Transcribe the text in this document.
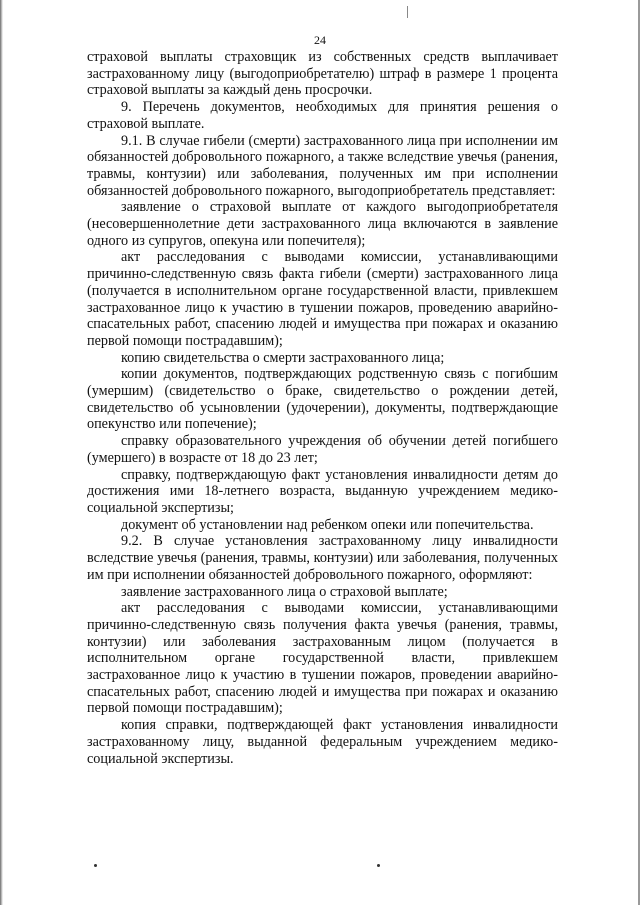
24

страховой выплаты страховщик из собственных средств выплачивает застрахованному лицу (выгодоприобретателю) штраф в размере 1 процента страховой выплаты за каждый день просрочки.

9. Перечень документов, необходимых для принятия решения о страховой выплате.

9.1. В случае гибели (смерти) застрахованного лица при исполнении им обязанностей добровольного пожарного, а также вследствие увечья (ранения, травмы, контузии) или заболевания, полученных им при исполнении обязанностей добровольного пожарного, выгодоприобретатель представляет:

заявление о страховой выплате от каждого выгодоприобретателя (несовершеннолетние дети застрахованного лица включаются в заявление одного из супругов, опекуна или попечителя);

акт расследования с выводами комиссии, устанавливающими причинно-следственную связь факта гибели (смерти) застрахованного лица (получается в исполнительном органе государственной власти, привлекшем застрахованное лицо к участию в тушении пожаров, проведению аварийно-спасательных работ, спасению людей и имущества при пожарах и оказанию первой помощи пострадавшим);

копию свидетельства о смерти застрахованного лица;

копии документов, подтверждающих родственную связь с погибшим (умершим) (свидетельство о браке, свидетельство о рождении детей, свидетельство об усыновлении (удочерении), документы, подтверждающие опекунство или попечение);

справку образовательного учреждения об обучении детей погибшего (умершего) в возрасте от 18 до 23 лет;

справку, подтверждающую факт установления инвалидности детям до достижения ими 18-летнего возраста, выданную учреждением медико-социальной экспертизы;

документ об установлении над ребенком опеки или попечительства.

9.2. В случае установления застрахованному лицу инвалидности вследствие увечья (ранения, травмы, контузии) или заболевания, полученных им при исполнении обязанностей добровольного пожарного, оформляют:

заявление застрахованного лица о страховой выплате;

акт расследования с выводами комиссии, устанавливающими причинно-следственную связь получения факта увечья (ранения, травмы, контузии) или заболевания застрахованным лицом (получается в исполнительном органе государственной власти, привлекшем застрахованное лицо к участию в тушении пожаров, проведении аварийно-спасательных работ, спасению людей и имущества при пожарах и оказанию первой помощи пострадавшим);

копия справки, подтверждающей факт установления инвалидности застрахованному лицу, выданной федеральным учреждением медико-социальной экспертизы.
